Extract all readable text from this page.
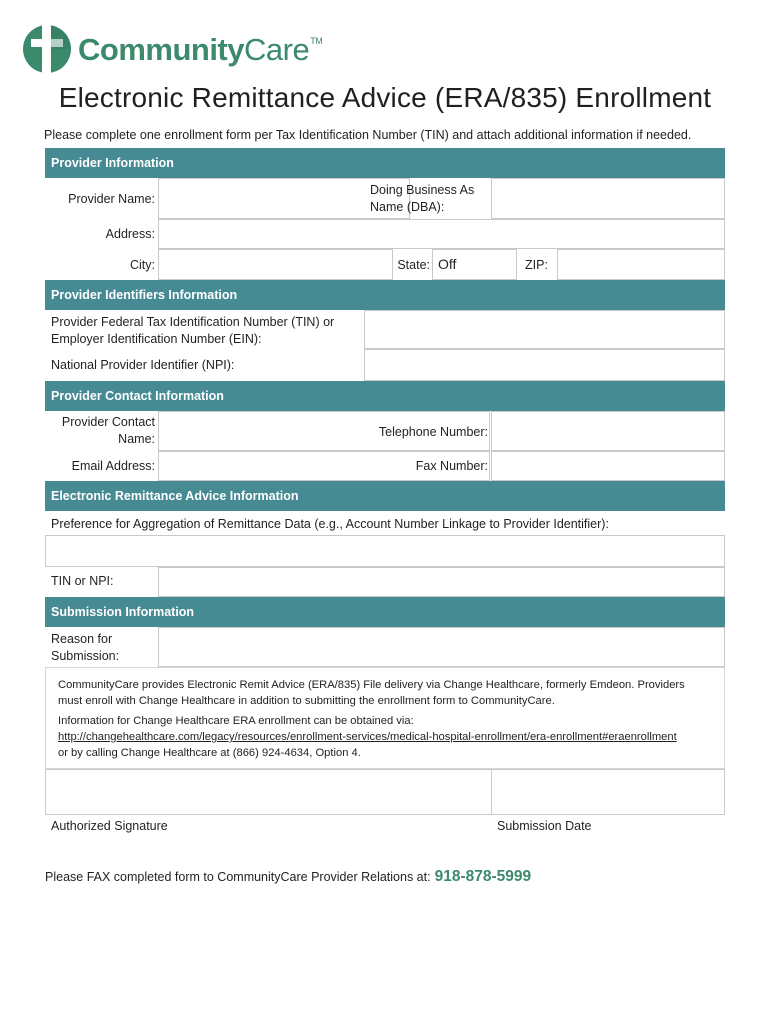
CommunityCare™
Electronic Remittance Advice (ERA/835) Enrollment
Please complete one enrollment form per Tax Identification Number (TIN) and attach additional information if needed.
Provider Information
Provider Name:
Doing Business As
Name (DBA):
Address:
City:	State: Off	ZIP:
Provider Identifiers Information
Provider Federal Tax Identification Number (TIN) or
Employer Identification Number (EIN):
National Provider Identifier (NPI):
Provider Contact Information
Provider Contact
Name:	Telephone Number:
Email Address:	Fax Number:
Electronic Remittance Advice Information
Preference for Aggregation of Remittance Data (e.g., Account Number Linkage to Provider Identifier):
TIN or NPI:
Submission Information
Reason for
Submission:
CommunityCare provides Electronic Remit Advice (ERA/835) File delivery via Change Healthcare, formerly Emdeon. Providers
must enroll with Change Healthcare in addition to submitting the enrollment form to CommunityCare.
Information for Change Healthcare ERA enrollment can be obtained via:
http://changehealthcare.com/legacy/resources/enrollment-services/medical-hospital-enrollment/era-enrollment#eraenrollment
or by calling Change Healthcare at (866) 924-4634, Option 4.
Authorized Signature	Submission Date
Please FAX completed form to CommunityCare Provider Relations at: 918-878-5999
